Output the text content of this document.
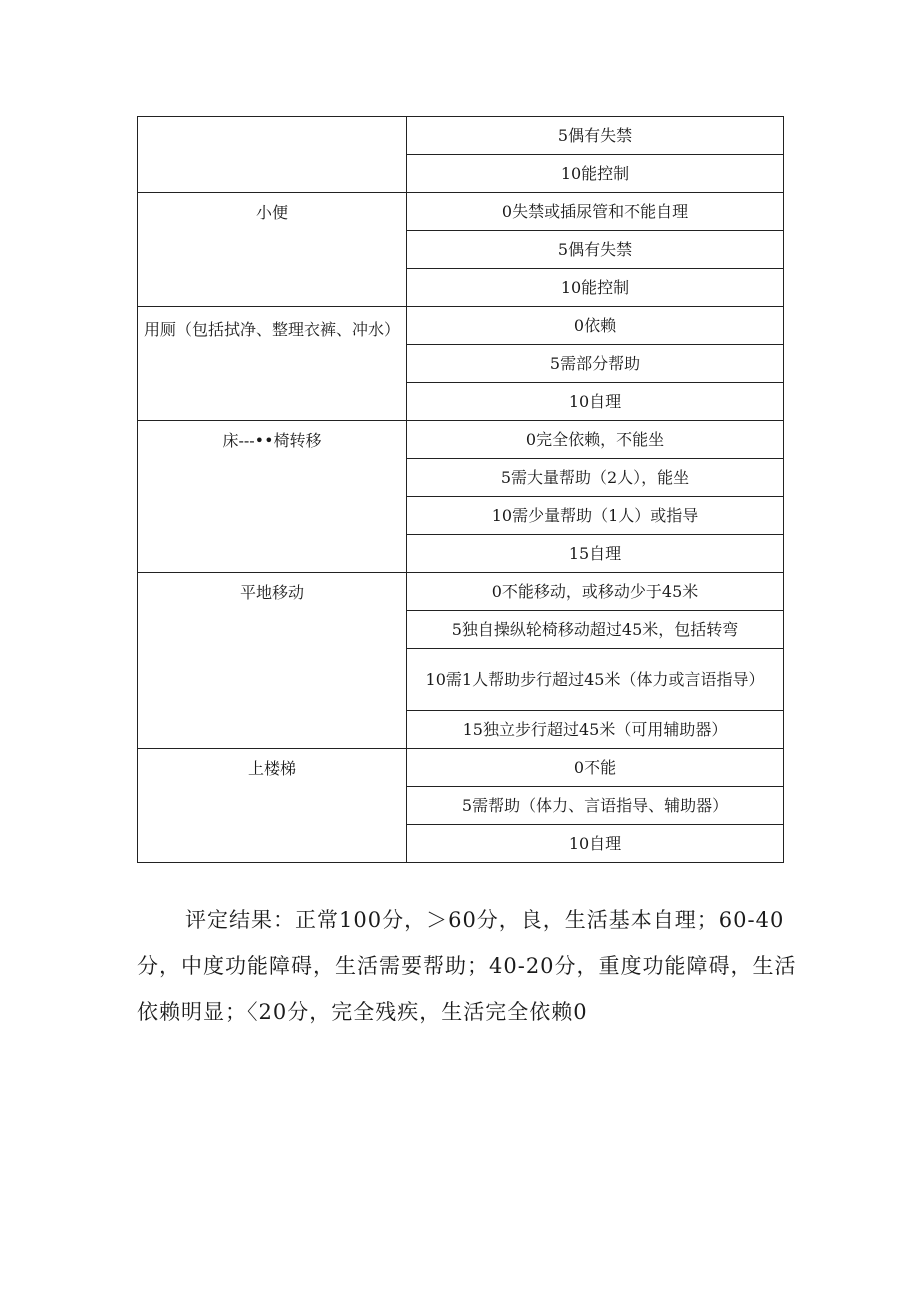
	5偶有失禁
	10能控制
小便	0失禁或插尿管和不能自理
	5偶有失禁
	10能控制
用厕（包括拭净、整理衣裤、冲水）	0依赖
	5需部分帮助
	10自理
床---••椅转移	0完全依赖，不能坐
	5需大量帮助（2人），能坐
	10需少量帮助（1人）或指导
	15自理
平地移动	0不能移动，或移动少于45米
	5独自操纵轮椅移动超过45米，包括转弯
	10需1人帮助步行超过45米（体力或言语指导）
	15独立步行超过45米（可用辅助器）
上楼梯	0不能
	5需帮助（体力、言语指导、辅助器）
	10自理

评定结果：正常100分，＞60分，良，生活基本自理；60-40分，中度功能障碍，生活需要帮助；40-20分，重度功能障碍，生活依赖明显；〈20分，完全残疾，生活完全依赖0
